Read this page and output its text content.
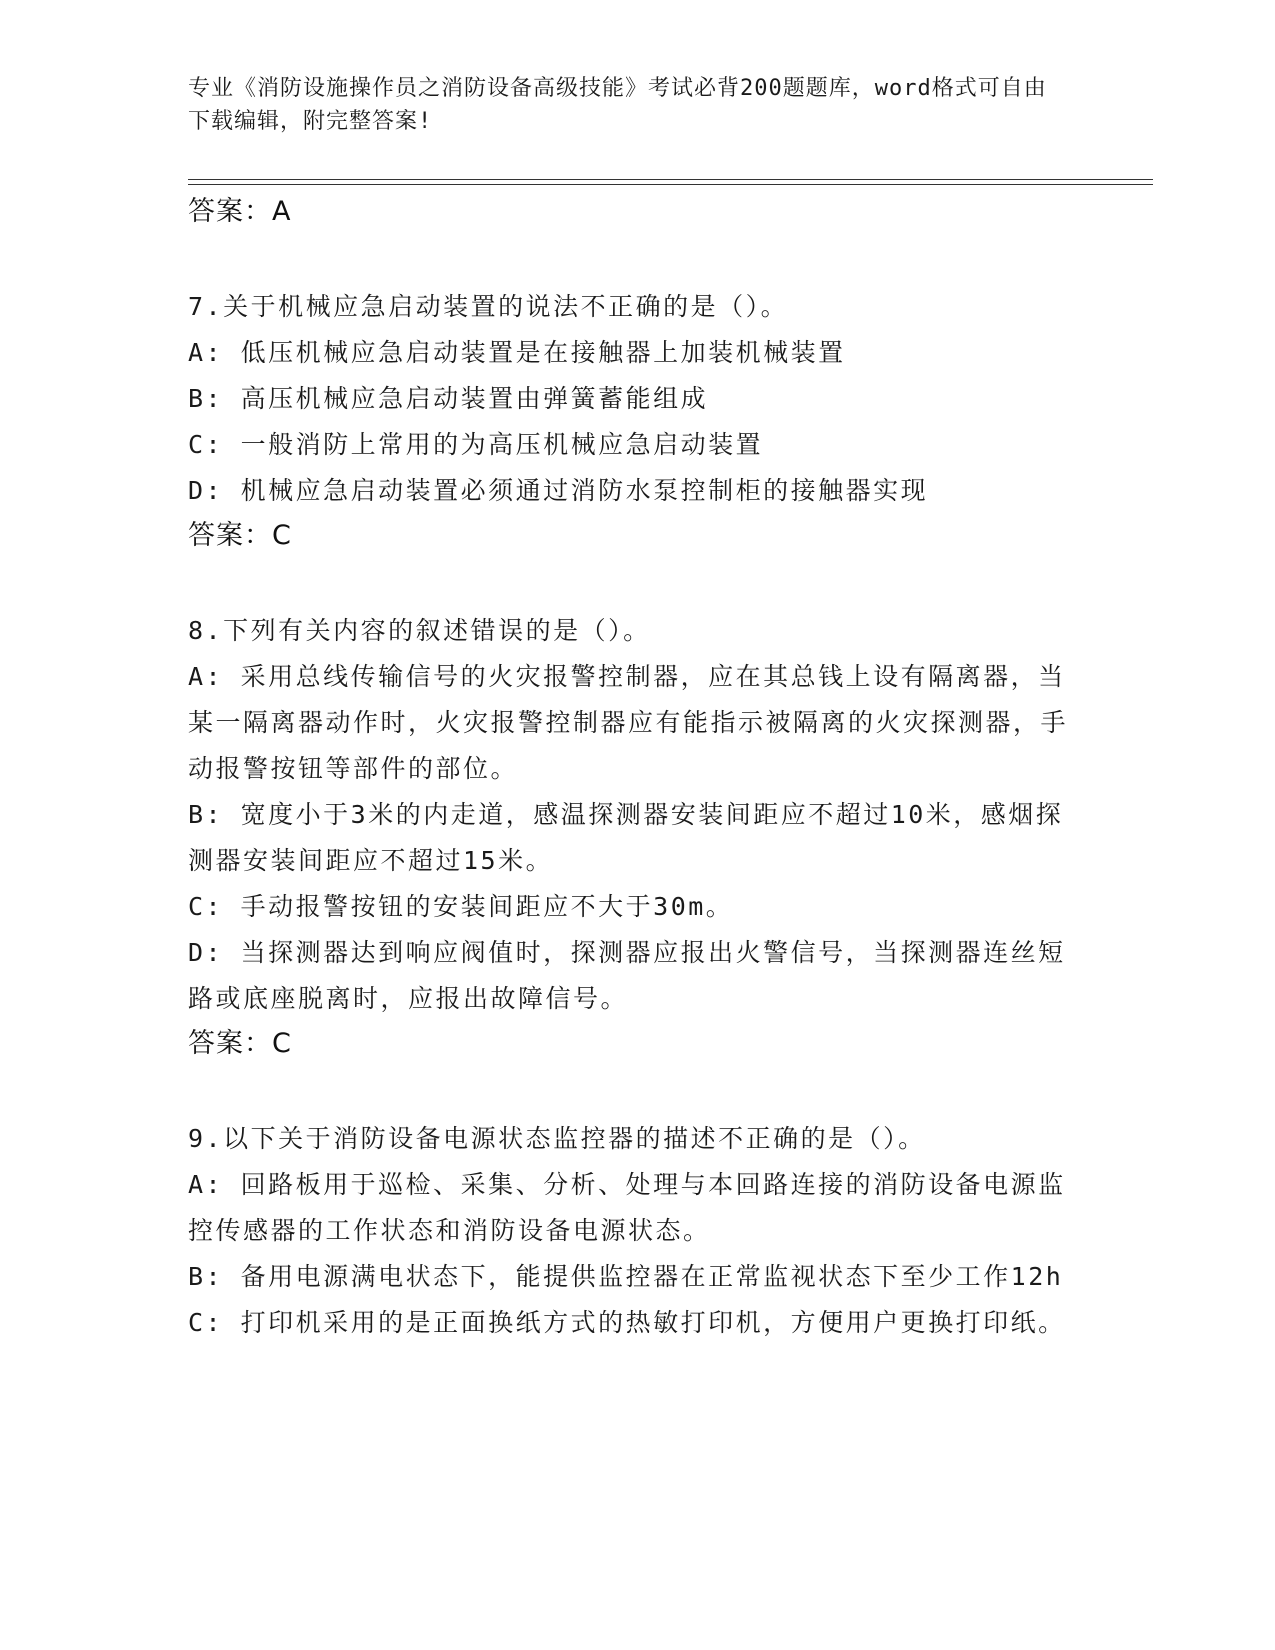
专业《消防设施操作员之消防设备高级技能》考试必背200题题库，word格式可自由下载编辑，附完整答案!

答案：A

7.关于机械应急启动装置的说法不正确的是（）。

A: 低压机械应急启动装置是在接触器上加装机械装置

B: 高压机械应急启动装置由弹簧蓄能组成

C: 一般消防上常用的为高压机械应急启动装置

D: 机械应急启动装置必须通过消防水泵控制柜的接触器实现

答案：C

8.下列有关内容的叙述错误的是（）。

A: 采用总线传输信号的火灾报警控制器，应在其总钱上设有隔离器，当某一隔离器动作时，火灾报警控制器应有能指示被隔离的火灾探测器，手动报警按钮等部件的部位。

B: 宽度小于3米的内走道，感温探测器安装间距应不超过10米，感烟探测器安装间距应不超过15米。

C: 手动报警按钮的安装间距应不大于30m。

D: 当探测器达到响应阀值时，探测器应报出火警信号，当探测器连丝短路或底座脱离时，应报出故障信号。

答案：C

9.以下关于消防设备电源状态监控器的描述不正确的是（）。

A: 回路板用于巡检、采集、分析、处理与本回路连接的消防设备电源监控传感器的工作状态和消防设备电源状态。

B: 备用电源满电状态下，能提供监控器在正常监视状态下至少工作12h

C: 打印机采用的是正面换纸方式的热敏打印机，方便用户更换打印纸。
